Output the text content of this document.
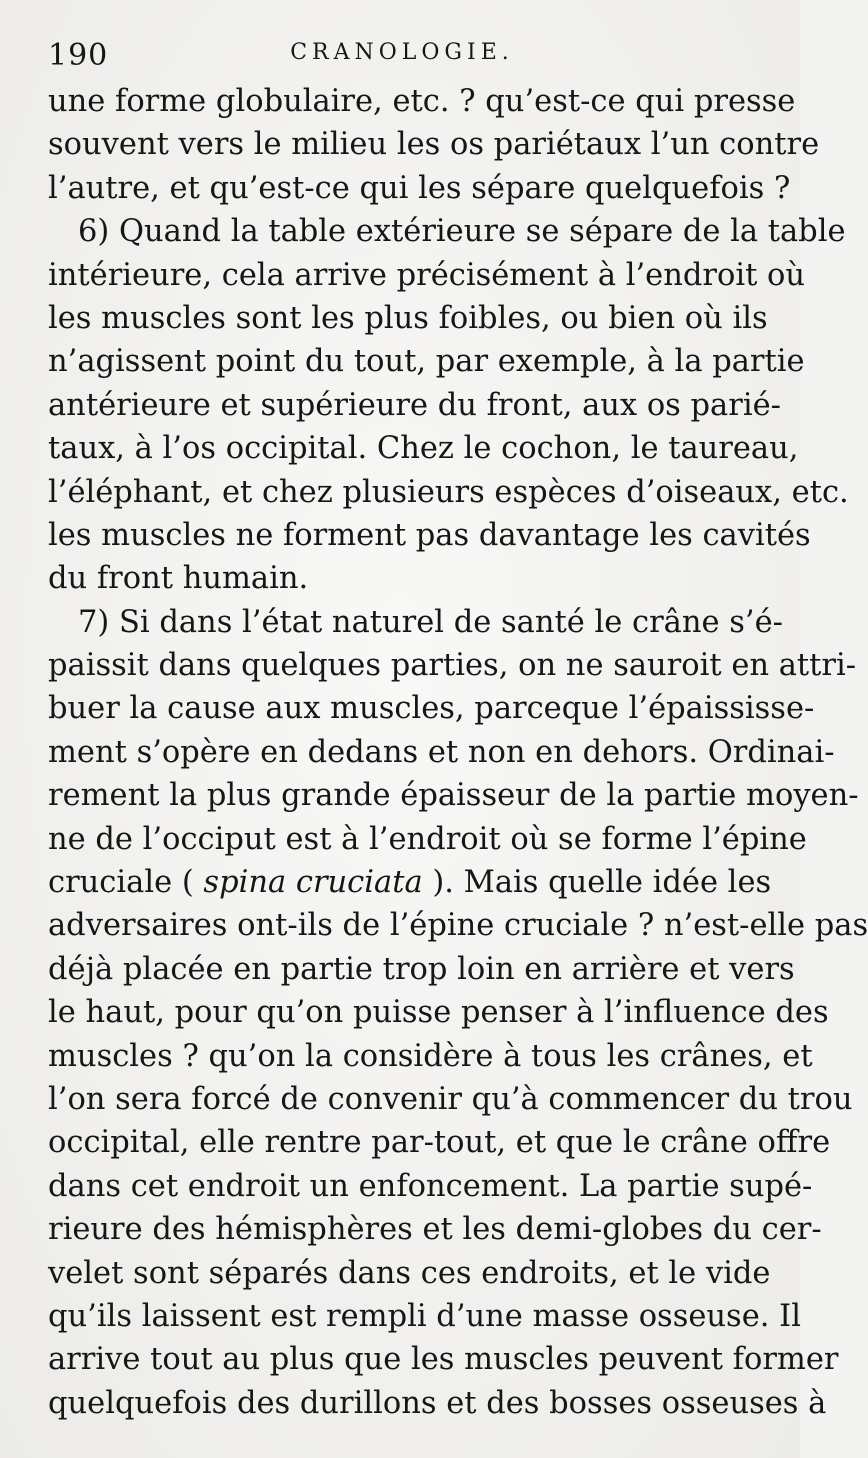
190	CRANOLOGIE.
une forme globulaire, etc. ? qu’est-ce qui presse
souvent vers le milieu les os pariétaux l’un contre
l’autre, et qu’est-ce qui les sépare quelquefois ?
6) Quand la table extérieure se sépare de la table
intérieure, cela arrive précisément à l’endroit où
les muscles sont les plus foibles, ou bien où ils
n’agissent point du tout, par exemple, à la partie
antérieure et supérieure du front, aux os parié-
taux, à l’os occipital. Chez le cochon, le taureau,
l’éléphant, et chez plusieurs espèces d’oiseaux, etc.
les muscles ne forment pas davantage les cavités
du front humain.
7) Si dans l’état naturel de santé le crâne s’é-
paissit dans quelques parties, on ne sauroit en attri-
buer la cause aux muscles, parceque l’épaississe-
ment s’opère en dedans et non en dehors. Ordinai-
rement la plus grande épaisseur de la partie moyen-
ne de l’occiput est à l’endroit où se forme l’épine
cruciale ( spina cruciata ). Mais quelle idée les
adversaires ont-ils de l’épine cruciale ? n’est-elle pas
déjà placée en partie trop loin en arrière et vers
le haut, pour qu’on puisse penser à l’influence des
muscles ? qu’on la considère à tous les crânes, et
l’on sera forcé de convenir qu’à commencer du trou
occipital, elle rentre par-tout, et que le crâne offre
dans cet endroit un enfoncement. La partie supé-
rieure des hémisphères et les demi-globes du cer-
velet sont séparés dans ces endroits, et le vide
qu’ils laissent est rempli d’une masse osseuse. Il
arrive tout au plus que les muscles peuvent former
quelquefois des durillons et des bosses osseuses à
